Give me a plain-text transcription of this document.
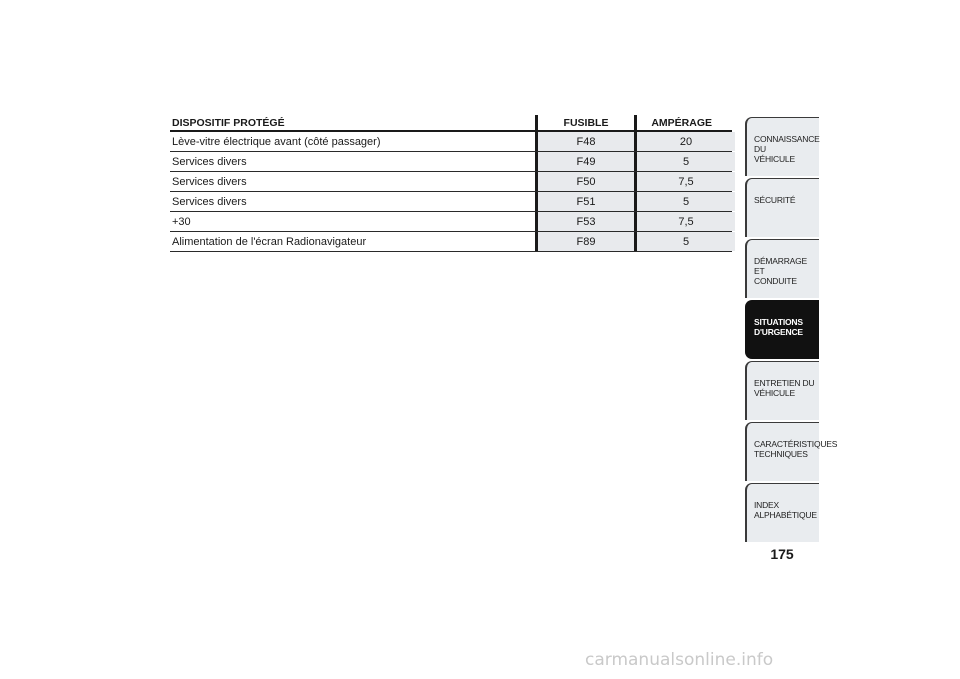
DISPOSITIF PROTÉGÉ	FUSIBLE	AMPÉRAGE
Lève-vitre électrique avant (côté passager)	F48	20
Services divers	F49	5
Services divers	F50	7,5
Services divers	F51	5
+30	F53	7,5
Alimentation de l'écran Radionavigateur	F89	5
CONNAISSANCE DU
VÉHICULE
SÉCURITÉ
DÉMARRAGE ET
CONDUITE
SITUATIONS
D'URGENCE
ENTRETIEN DU
VÉHICULE
CARACTÉRISTIQUES
TECHNIQUES
INDEX
ALPHABÉTIQUE
175
carmanualsonline.info
